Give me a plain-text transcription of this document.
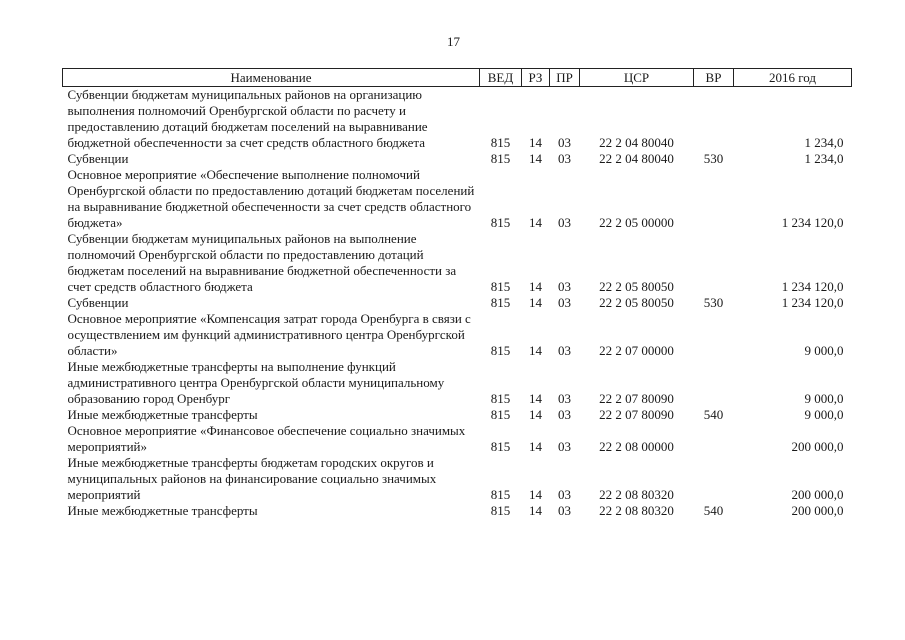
17
Наименование	ВЕД	РЗ	ПР	ЦСР	ВР	2016 год
Субвенции бюджетам муниципальных районов на организацию выполнения полномочий Оренбургской области по расчету и предоставлению дотаций бюджетам поселений на выравнивание бюджетной обеспеченности за счет средств областного бюджета	815	14	03	22 2 04 80040		1 234,0
Субвенции	815	14	03	22 2 04 80040	530	1 234,0
Основное мероприятие «Обеспечение выполнение полномочий Оренбургской области по предоставлению дотаций бюджетам поселений на выравнивание бюджетной обеспеченности за счет средств областного бюджета»	815	14	03	22 2 05 00000		1 234 120,0
Субвенции бюджетам муниципальных районов на выполнение полномочий Оренбургской области по предоставлению дотаций бюджетам поселений на выравнивание бюджетной обеспеченности за счет средств областного бюджета	815	14	03	22 2 05 80050		1 234 120,0
Субвенции	815	14	03	22 2 05 80050	530	1 234 120,0
Основное мероприятие «Компенсация затрат города Оренбурга в связи с осуществлением им функций административного центра Оренбургской области»	815	14	03	22 2 07 00000		9 000,0
Иные межбюджетные трансферты на выполнение функций административного центра Оренбургской области муниципальному образованию город Оренбург	815	14	03	22 2 07 80090		9 000,0
Иные межбюджетные трансферты	815	14	03	22 2 07 80090	540	9 000,0
Основное мероприятие «Финансовое обеспечение социально значимых мероприятий»	815	14	03	22 2 08 00000		200 000,0
Иные межбюджетные трансферты бюджетам городских округов и муниципальных районов на финансирование социально значимых мероприятий	815	14	03	22 2 08 80320		200 000,0
Иные межбюджетные трансферты	815	14	03	22 2 08 80320	540	200 000,0
